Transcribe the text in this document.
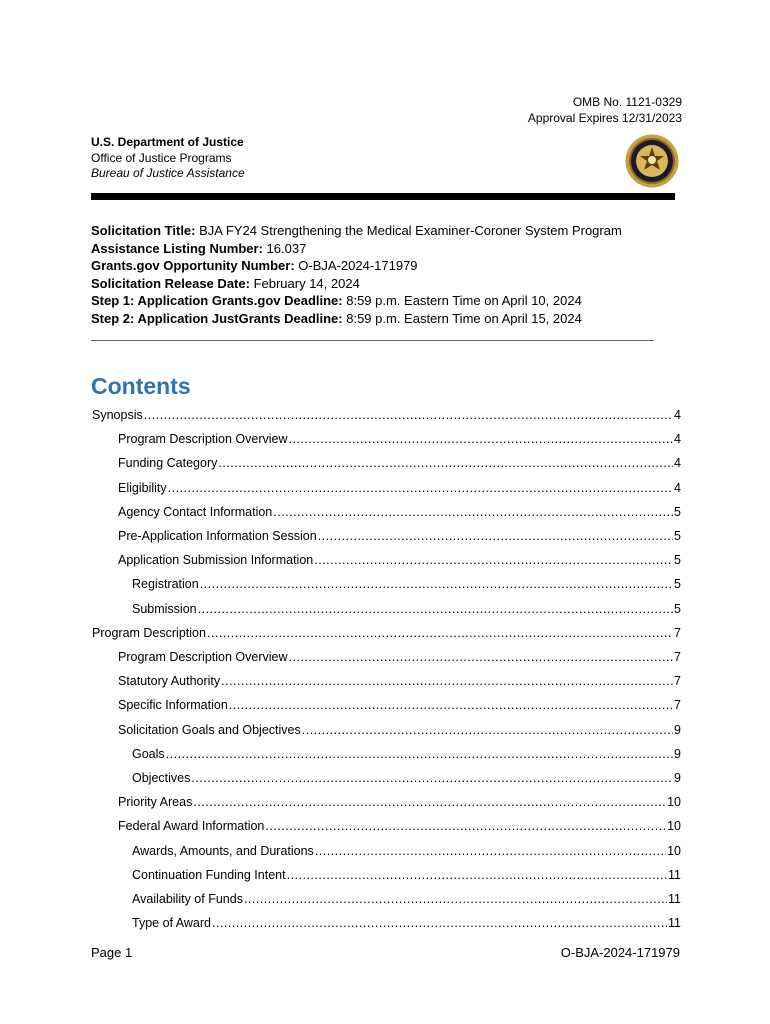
OMB No. 1121-0329
Approval Expires 12/31/2023
U.S. Department of Justice
Office of Justice Programs
Bureau of Justice Assistance
Solicitation Title: BJA FY24 Strengthening the Medical Examiner-Coroner System Program
Assistance Listing Number: 16.037
Grants.gov Opportunity Number: O-BJA-2024-171979
Solicitation Release Date: February 14, 2024
Step 1: Application Grants.gov Deadline: 8:59 p.m. Eastern Time on April 10, 2024
Step 2: Application JustGrants Deadline: 8:59 p.m. Eastern Time on April 15, 2024
Contents
Synopsis .....	4
Program Description Overview .....	4
Funding Category .....	4
Eligibility .....	4
Agency Contact Information .....	5
Pre-Application Information Session .....	5
Application Submission Information .....	5
Registration .....	5
Submission .....	5
Program Description .....	7
Program Description Overview .....	7
Statutory Authority .....	7
Specific Information .....	7
Solicitation Goals and Objectives .....	9
Goals .....	9
Objectives .....	9
Priority Areas .....	10
Federal Award Information .....	10
Awards, Amounts, and Durations .....	10
Continuation Funding Intent .....	11
Availability of Funds .....	11
Type of Award .....	11
Page 1	O-BJA-2024-171979
